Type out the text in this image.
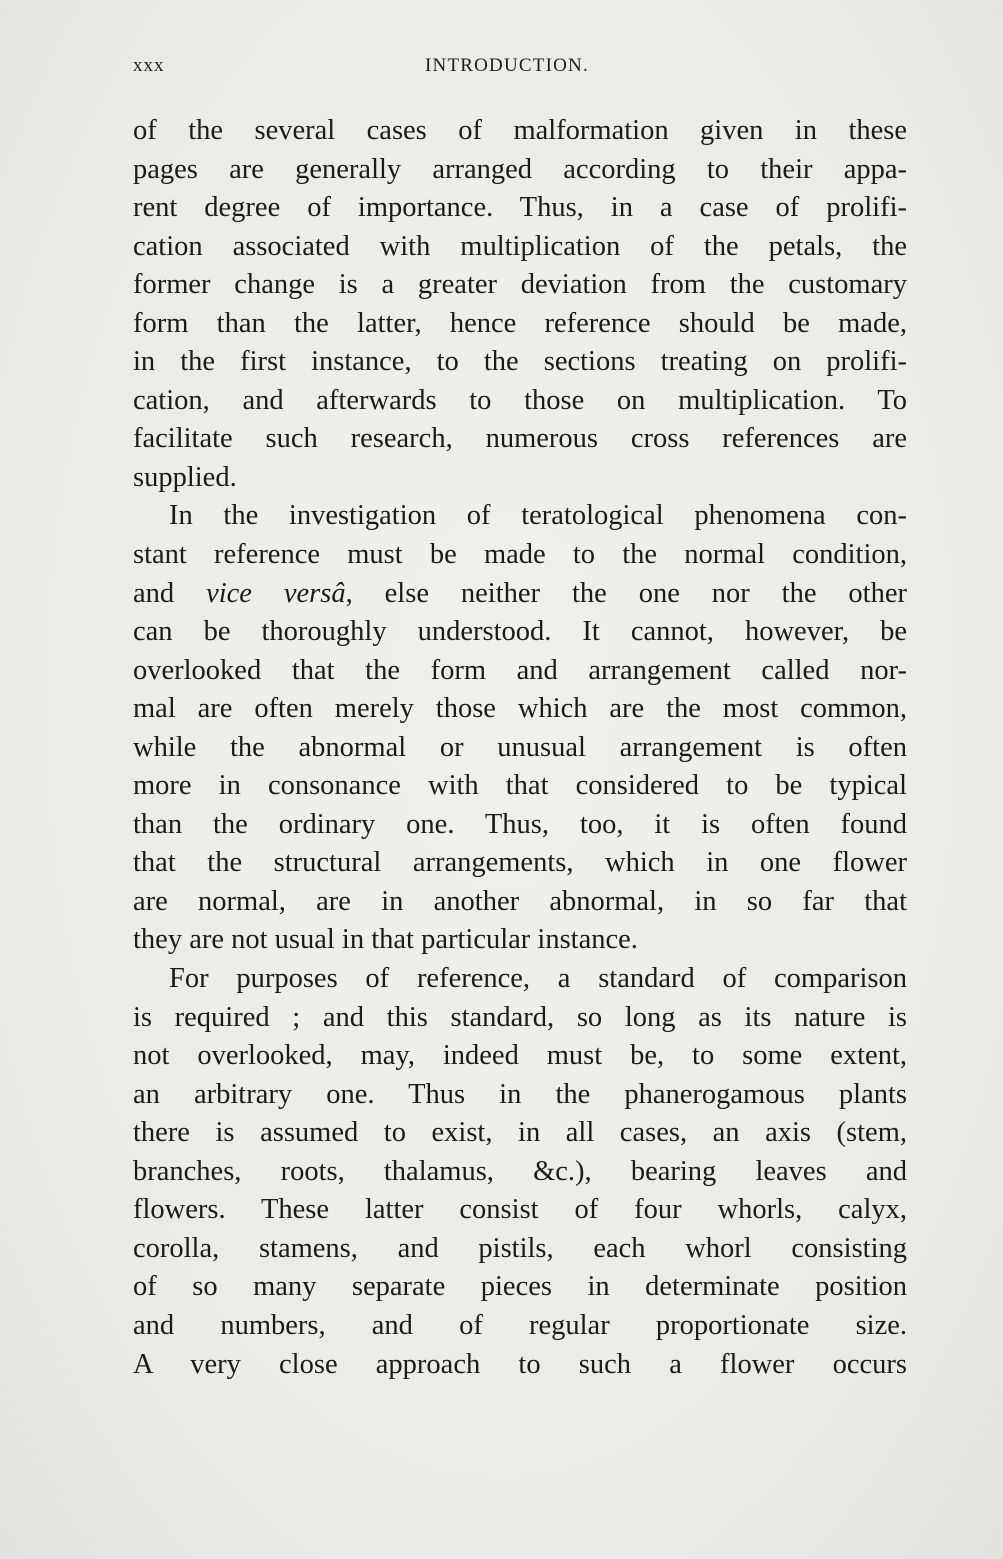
xxx	INTRODUCTION.
of the several cases of malformation given in these
pages are generally arranged according to their appa-
rent degree of importance. Thus, in a case of prolifi-
cation associated with multiplication of the petals, the
former change is a greater deviation from the customary
form than the latter, hence reference should be made,
in the first instance, to the sections treating on prolifi-
cation, and afterwards to those on multiplication. To
facilitate such research, numerous cross references are
supplied.
In the investigation of teratological phenomena con-
stant reference must be made to the normal condition,
and vice versâ, else neither the one nor the other
can be thoroughly understood. It cannot, however, be
overlooked that the form and arrangement called nor-
mal are often merely those which are the most common,
while the abnormal or unusual arrangement is often
more in consonance with that considered to be typical
than the ordinary one. Thus, too, it is often found
that the structural arrangements, which in one flower
are normal, are in another abnormal, in so far that
they are not usual in that particular instance.
For purposes of reference, a standard of comparison
is required ; and this standard, so long as its nature is
not overlooked, may, indeed must be, to some extent,
an arbitrary one. Thus in the phanerogamous plants
there is assumed to exist, in all cases, an axis (stem,
branches, roots, thalamus, &c.), bearing leaves and
flowers. These latter consist of four whorls, calyx,
corolla, stamens, and pistils, each whorl consisting
of so many separate pieces in determinate position
and numbers, and of regular proportionate size.
A very close approach to such a flower occurs
